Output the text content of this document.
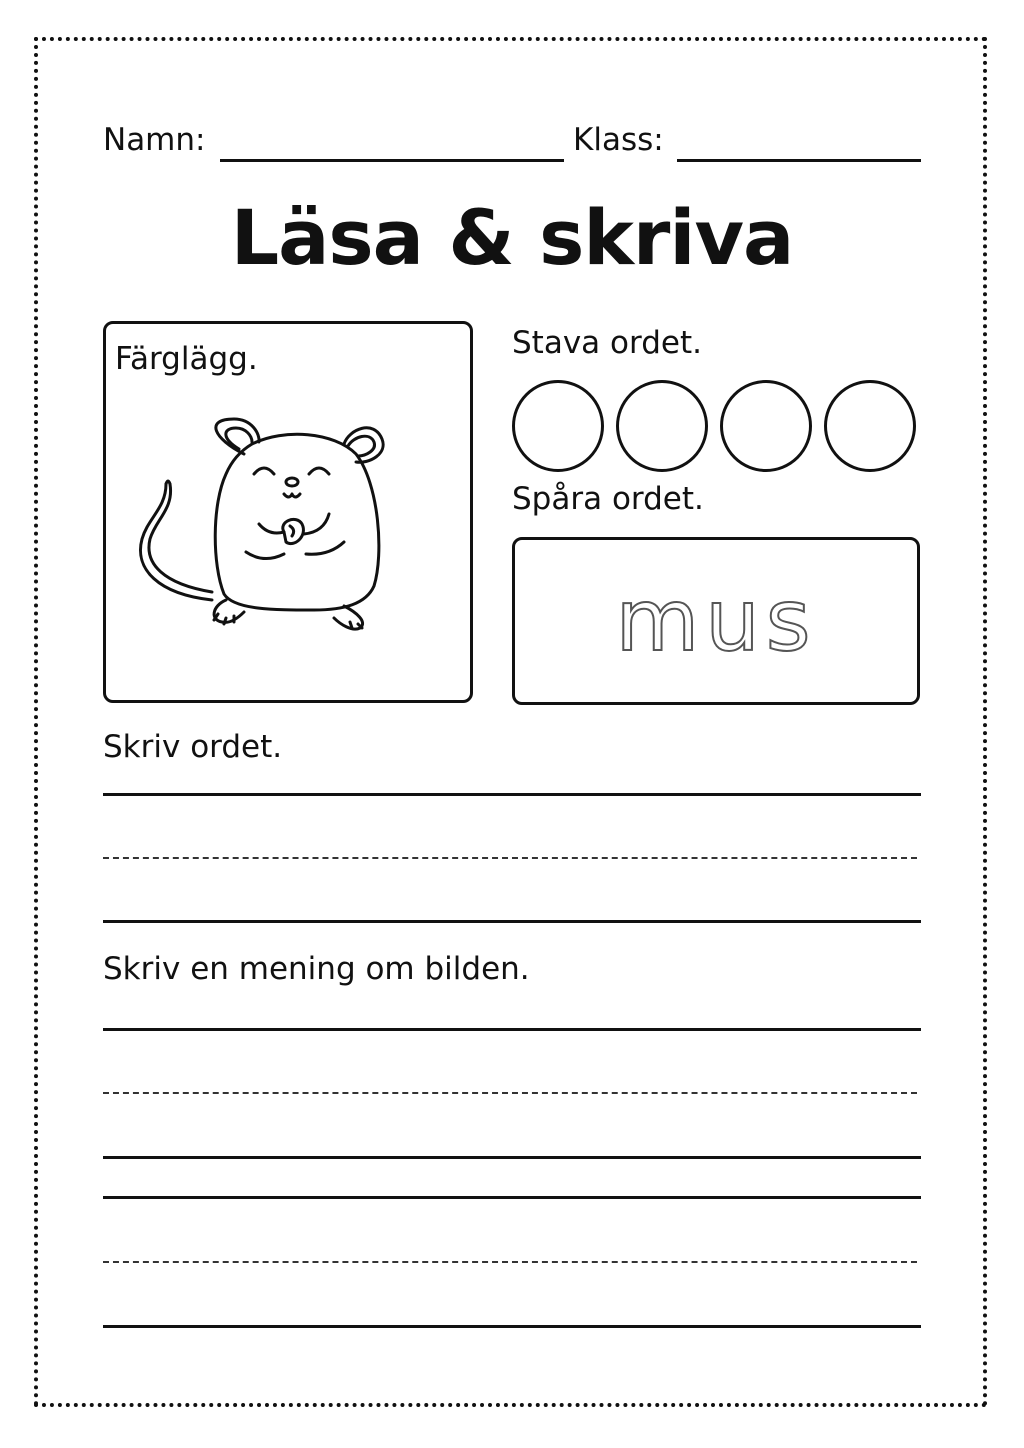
Namn:	Klass:
Läsa & skriva
Färglägg.	Stava ordet.
Spåra ordet.
mus
Skriv ordet.
Skriv en mening om bilden.
